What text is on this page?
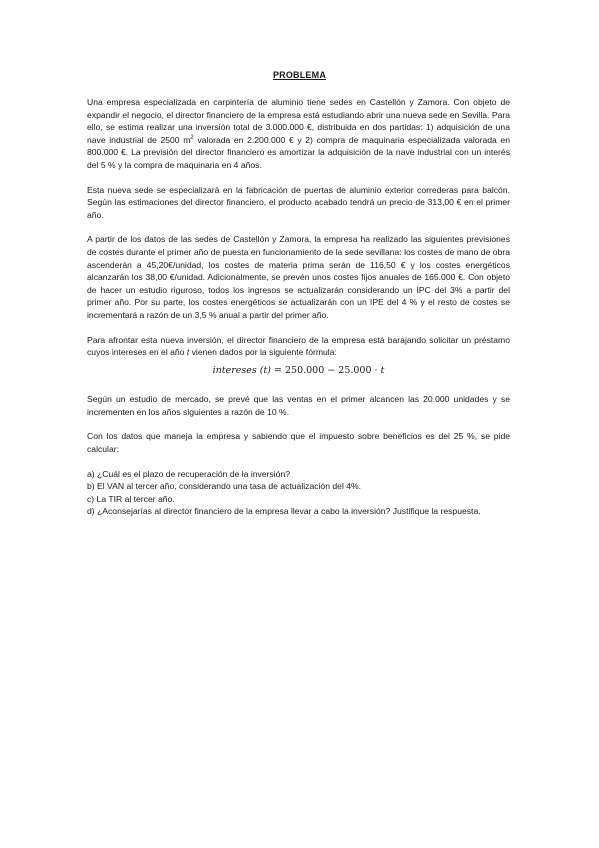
PROBLEMA

Una empresa especializada en carpintería de aluminio tiene sedes en Castellón y Zamora. Con objeto de expandir el negocio, el director financiero de la empresa está estudiando abrir una nueva sede en Sevilla. Para ello, se estima realizar una inversión total de 3.000.000 €, distribuida en dos partidas: 1) adquisición de una nave industrial de 2500 $m^2$ valorada en 2.200.000 € y 2) compra de maquinaria especializada valorada en 800.000 €. La previsión del director financiero es amortizar la adquisición de la nave industrial con un interés del 5 % y la compra de maquinaria en 4 años.

Esta nueva sede se especializará en la fabricación de puertas de aluminio exterior correderas para balcón. Según las estimaciones del director financiero, el producto acabado tendrá un precio de 313,00 € en el primer año.

A partir de los datos de las sedes de Castellón y Zamora, la empresa ha realizado las siguientes previsiones de costes durante el primer año de puesta en funcionamiento de la sede sevillana: los costes de mano de obra ascenderán a 45,20€/unidad, los costes de materia prima serán de 116,50 € y los costes energéticos alcanzarán los 38,00 €/unidad. Adicionalmente, se prevén unos costes fijos anuales de 165.000 €. Con objeto de hacer un estudio riguroso, todos los ingresos se actualizarán considerando un IPC del 3% a partir del primer año. Por su parte, los costes energéticos se actualizarán con un IPE del 4 % y el resto de costes se incrementará a razón de un 3,5 % anual a partir del primer año.

Para afrontar esta nueva inversión, el director financiero de la empresa está barajando solicitar un préstamo cuyos intereses en el año t vienen dados por la siguiente fórmula:

intereses (t) = 250.000 − 25.000 · t

Según un estudio de mercado, se prevé que las ventas en el primer alcancen las 20.000 unidades y se incrementen en los años siguientes a razón de 10 %.

Con los datos que maneja la empresa y sabiendo que el impuesto sobre beneficios es del 25 %, se pide calcular:

a) ¿Cuál es el plazo de recuperación de la inversión?

b) El VAN al tercer año, considerando una tasa de actualización del 4%.

c) La TIR al tercer año.

d) ¿Aconsejarías al director financiero de la empresa llevar a cabo la inversión? Justifique la respuesta.
